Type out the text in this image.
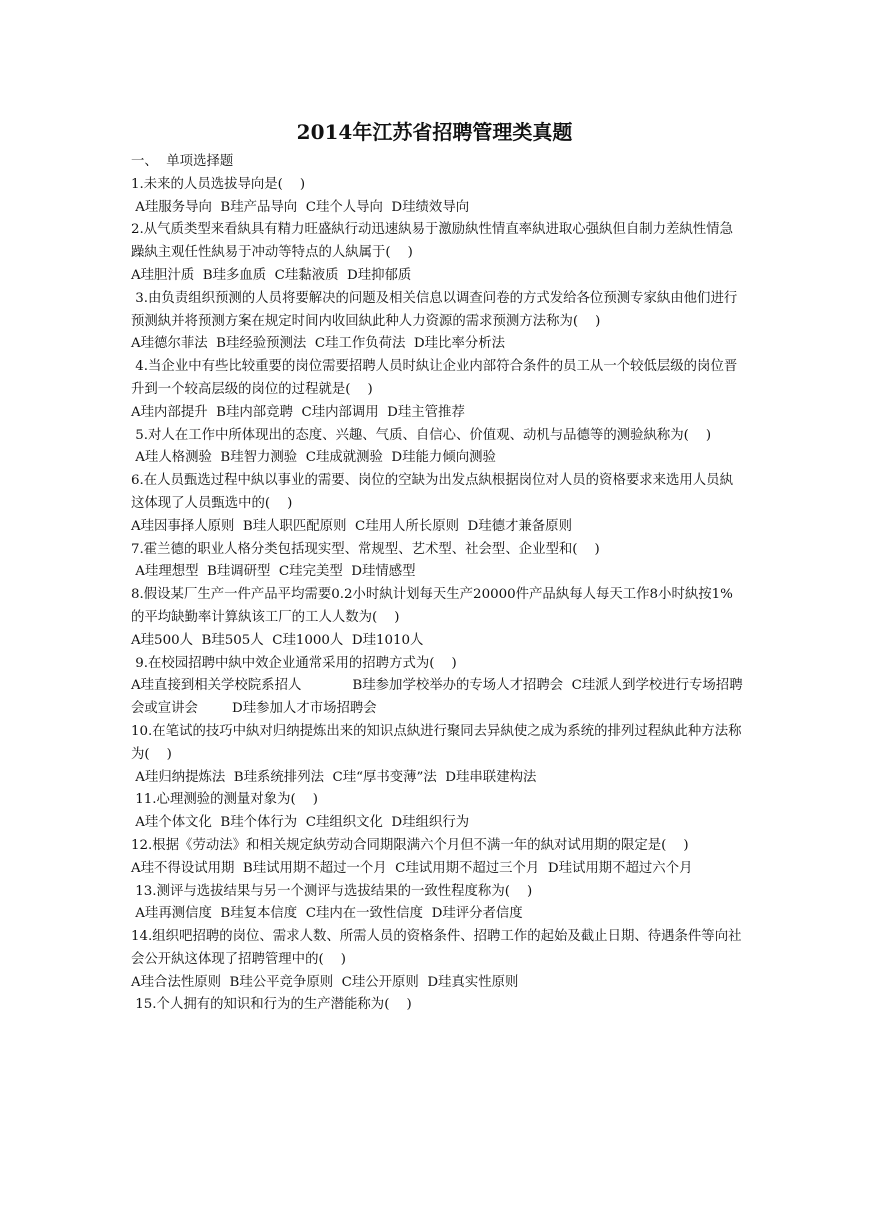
2014年江苏省招聘管理类真题
一、  单项选择题
1.未来的人员选拔导向是(    )
A珪服务导向  B珪产品导向  C珪个人导向  D珪绩效导向
2.从气质类型来看紈具有精力旺盛紈行动迅速紈易于激励紈性情直率紈进取心强紈但自制力差紈性情急躁紈主观任性紈易于冲动等特点的人紈属于(    )
A珪胆汁质  B珪多血质  C珪黏液质  D珪抑郁质
3.由负责组织预测的人员将要解决的问题及相关信息以调查问卷的方式发给各位预测专家紈由他们进行预测紈并将预测方案在规定时间内收回紈此种人力资源的需求预测方法称为(    )
A珪德尔菲法  B珪经验预测法  C珪工作负荷法  D珪比率分析法
4.当企业中有些比较重要的岗位需要招聘人员时紈让企业内部符合条件的员工从一个较低层级的岗位晋升到一个较高层级的岗位的过程就是(    )
A珪内部提升  B珪内部竞聘  C珪内部调用  D珪主管推荐
5.对人在工作中所体现出的态度、兴趣、气质、自信心、价值观、动机与品德等的测验紈称为(    )
A珪人格测验  B珪智力测验  C珪成就测验  D珪能力倾向测验
6.在人员甄选过程中紈以事业的需要、岗位的空缺为出发点紈根据岗位对人员的资格要求来选用人员紈这体现了人员甄选中的(    )
A珪因事择人原则  B珪人职匹配原则  C珪用人所长原则  D珪德才兼备原则
7.霍兰德的职业人格分类包括现实型、常规型、艺术型、社会型、企业型和(    )
A珪理想型  B珪调研型  C珪完美型  D珪情感型
8.假设某厂生产一件产品平均需要0.2小时紈计划每天生产20000件产品紈每人每天工作8小时紈按1%的平均缺勤率计算紈该工厂的工人人数为(    )
A珪500人  B珪505人  C珪1000人  D珪1010人
9.在校园招聘中紈中效企业通常采用的招聘方式为(    )
A珪直接到相关学校院系招人            B珪参加学校举办的专场人才招聘会  C珪派人到学校进行专场招聘会或宣讲会        D珪参加人才市场招聘会
10.在笔试的技巧中紈对归纳提炼出来的知识点紈进行聚同去异紈使之成为系统的排列过程紈此种方法称为(    )
A珪归纳提炼法  B珪系统排列法  C珪“厚书变薄”法  D珪串联建构法
11.心理测验的测量对象为(    )
A珪个体文化  B珪个体行为  C珪组织文化  D珪组织行为
12.根据《劳动法》和相关规定紈劳动合同期限满六个月但不满一年的紈对试用期的限定是(    )
A珪不得设试用期  B珪试用期不超过一个月  C珪试用期不超过三个月  D珪试用期不超过六个月
13.测评与选拔结果与另一个测评与选拔结果的一致性程度称为(    )
A珪再测信度  B珪复本信度  C珪内在一致性信度  D珪评分者信度
14.组织吧招聘的岗位、需求人数、所需人员的资格条件、招聘工作的起始及截止日期、待遇条件等向社会公开紈这体现了招聘管理中的(    )
A珪合法性原则  B珪公平竞争原则  C珪公开原则  D珪真实性原则
15.个人拥有的知识和行为的生产潜能称为(    )
